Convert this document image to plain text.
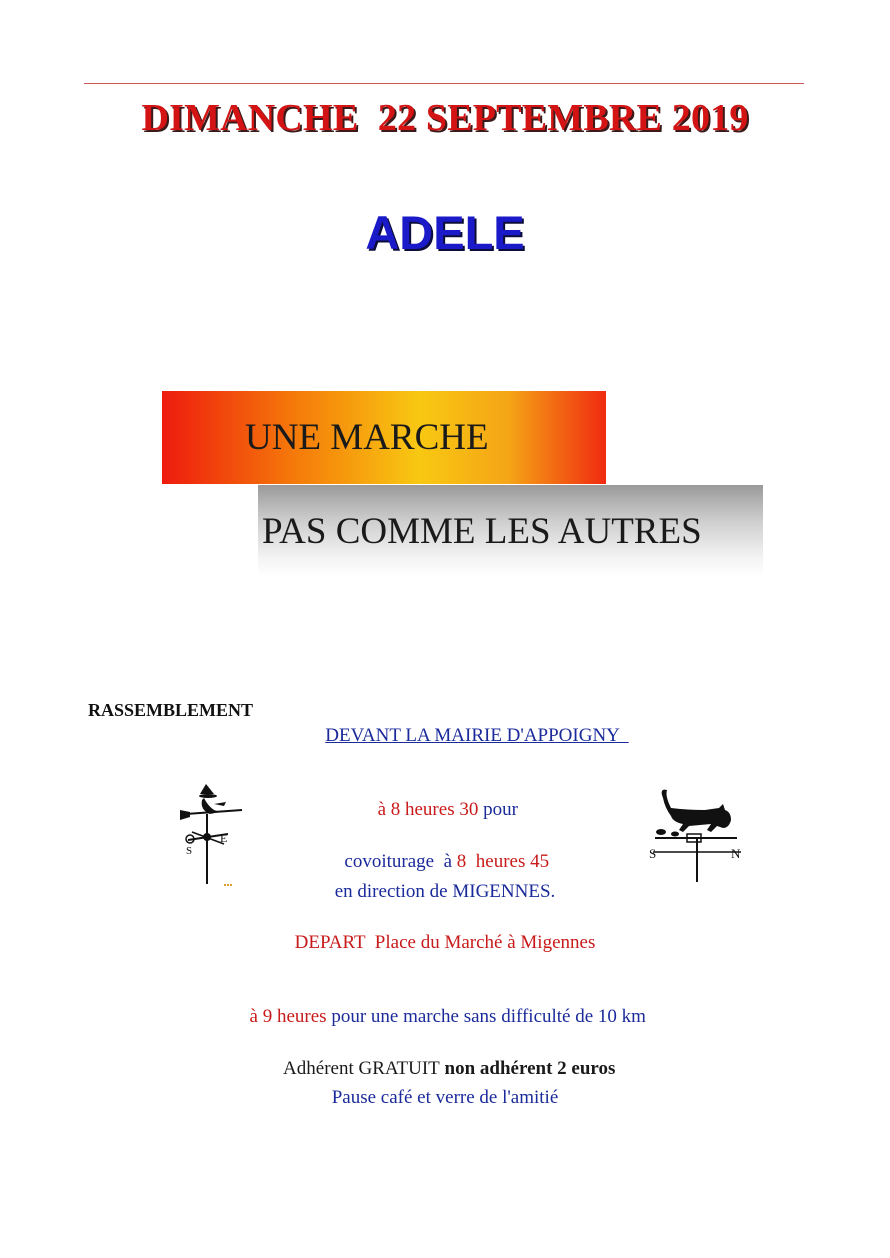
DIMANCHE  22 SEPTEMBRE 2019
ADELE
UNE MARCHE
PAS COMME LES AUTRES
RASSEMBLEMENT
DEVANT LA MAIRIE D'APPOIGNY

à 8 heures 30 pour

covoiturage  à 8  heures 45

en direction de MIGENNES.
DEPART  Place du Marché à Migennes

à 9 heures pour une marche sans difficulté de 10 km

Adhérent GRATUIT non adhérent 2 euros

Pause café et verre de l'amitié
E
S	S	N
